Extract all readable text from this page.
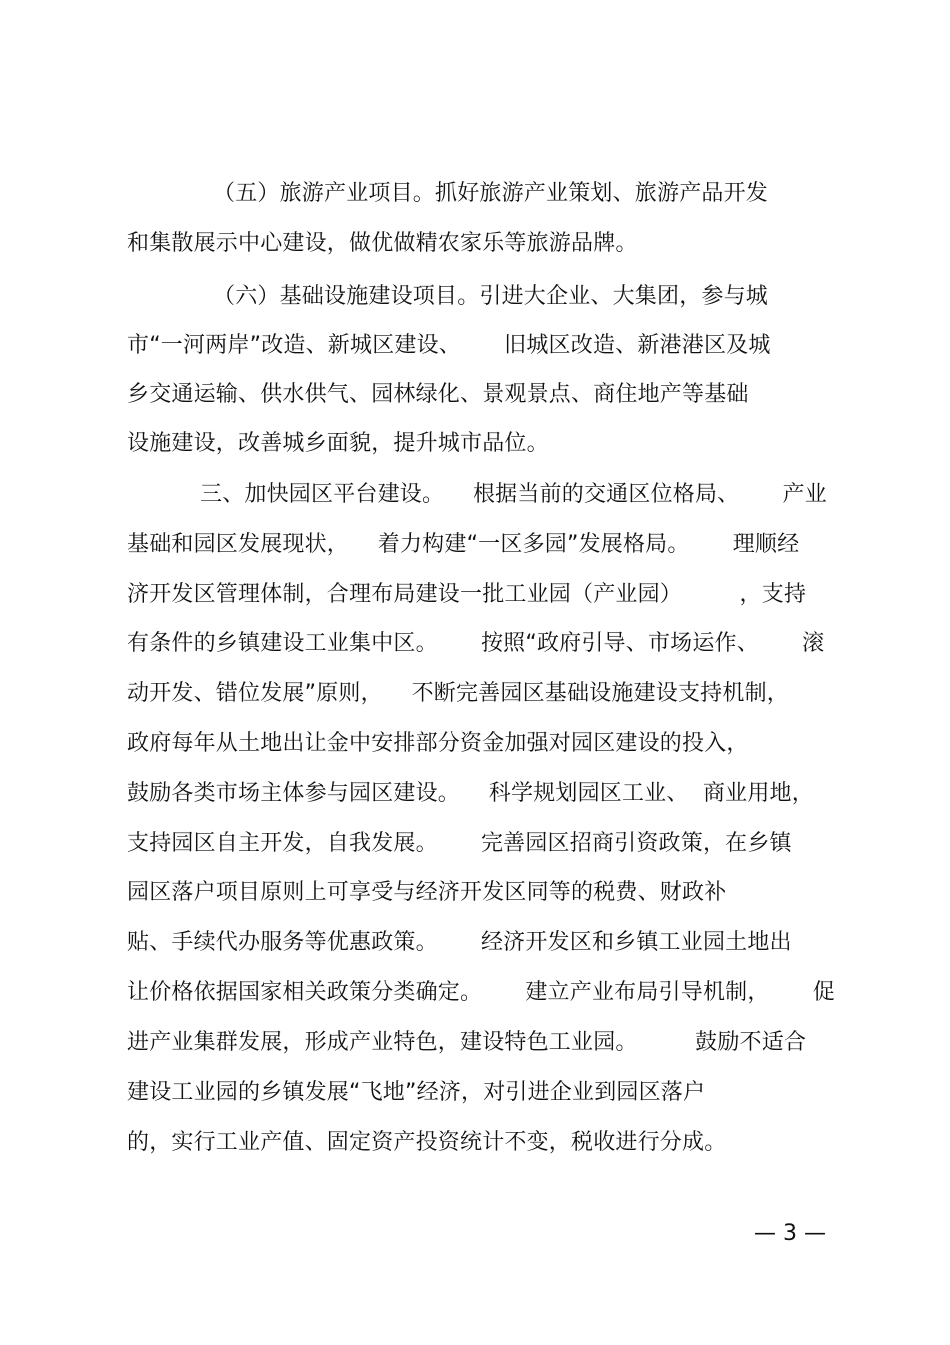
（五）旅游产业项目。抓好旅游产业策划、旅游产品开发
和集散展示中心建设，做优做精农家乐等旅游品牌。
（六）基础设施建设项目。引进大企业、大集团，参与城
市“一河两岸”改造、新城区建设、      旧城区改造、新港港区及城
乡交通运输、供水供气、园林绿化、景观景点、商住地产等基础
设施建设，改善城乡面貌，提升城市品位。
三、加快园区平台建设。    根据当前的交通区位格局、      产业
基础和园区发展现状，    着力构建“一区多园”发展格局。      理顺经
济开发区管理体制，合理布局建设一批工业园（产业园）        ，支持
有条件的乡镇建设工业集中区。      按照“政府引导、市场运作、      滚
动开发、错位发展”原则，    不断完善园区基础设施建设支持机制，
政府每年从土地出让金中安排部分资金加强对园区建设的投入，
鼓励各类市场主体参与园区建设。    科学规划园区工业、  商业用地，
支持园区自主开发，自我发展。      完善园区招商引资政策，在乡镇
园区落户项目原则上可享受与经济开发区同等的税费、财政补
贴、手续代办服务等优惠政策。      经济开发区和乡镇工业园土地出
让价格依据国家相关政策分类确定。      建立产业布局引导机制，      促
进产业集群发展，形成产业特色，建设特色工业园。        鼓励不适合
建设工业园的乡镇发展“飞地”经济，对引进企业到园区落户
的，实行工业产值、固定资产投资统计不变，税收进行分成。
— 3 —
